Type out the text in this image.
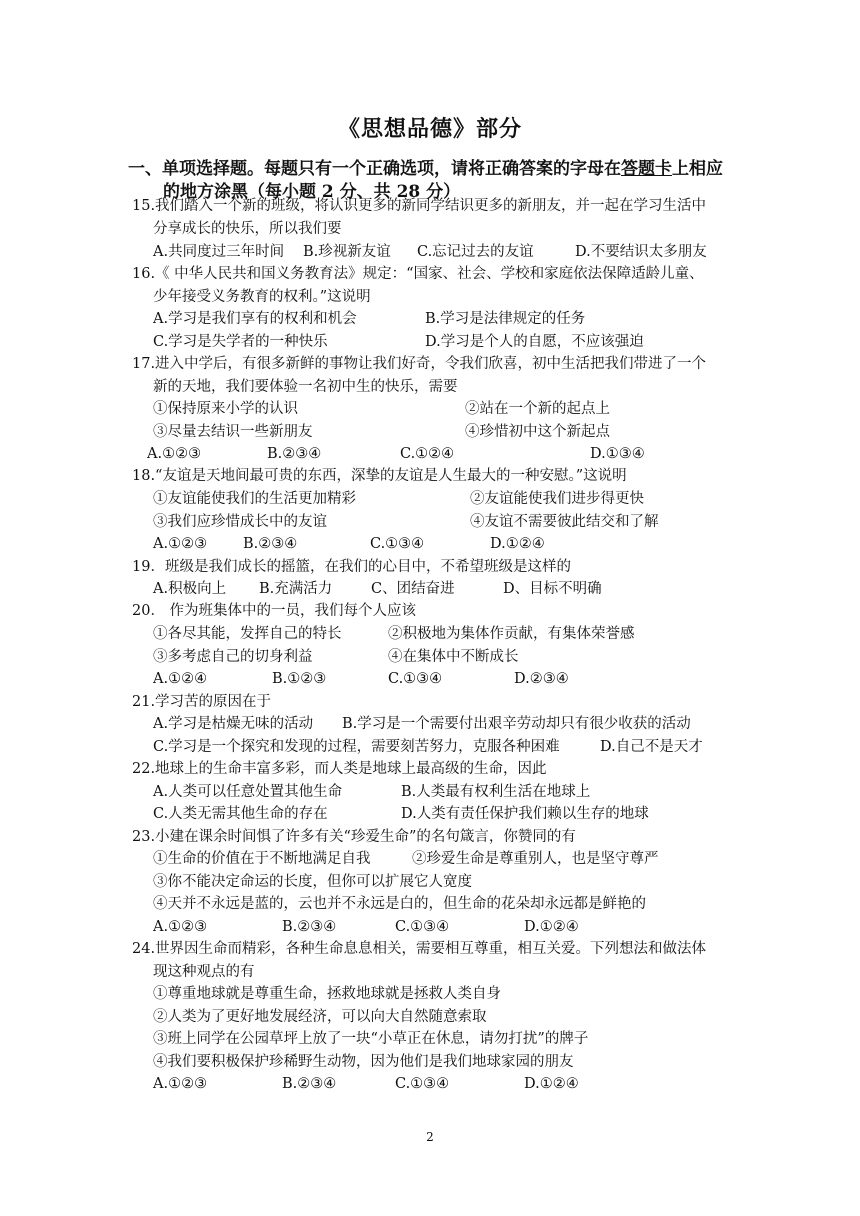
《思想品德》部分
一、单项选择题。每题只有一个正确选项，请将正确答案的字母在答题卡上相应
的地方涂黑（每小题 2 分、共 28 分）
15.我们踏入一个新的班级，将认识更多的新同学结识更多的新朋友，并一起在学习生活中
分享成长的快乐，所以我们要
A.共同度过三年时间 B.珍视新友谊 C.忘记过去的友谊	D.不要结识太多朋友
16.《 中华人民共和国义务教育法》规定：“国家、社会、学校和家庭依法保障适龄儿童、
少年接受义务教育的权利。”这说明
A.学习是我们享有的权利和机会	B.学习是法律规定的任务
C.学习是失学者的一种快乐	D.学习是个人的自愿，不应该强迫
17.进入中学后，有很多新鲜的事物让我们好奇，令我们欣喜，初中生活把我们带进了一个
新的天地，我们要体验一名初中生的快乐，需要
①保持原来小学的认识	②站在一个新的起点上
③尽量去结识一些新朋友	④珍惜初中这个新起点
A.①②③	B.②③④	C.①②④	D.①③④
18.“友谊是天地间最可贵的东西，深挚的友谊是人生最大的一种安慰。”这说明
①友谊能使我们的生活更加精彩	②友谊能使我们进步得更快
③我们应珍惜成长中的友谊	④友谊不需要彼此结交和了解
A.①②③ B.②③④	C.①③④	D.①②④
19．班级是我们成长的摇篮，在我们的心目中，不希望班级是这样的
A.积极向上 B.充满活力	C、团结奋进	D、目标不明确
20． 作为班集体中的一员，我们每个人应该
①各尽其能，发挥自己的特长	②积极地为集体作贡献，有集体荣誉感
③多考虑自己的切身利益	④在集体中不断成长
A.①②④	B.①②③	C.①③④	D.②③④
21.学习苦的原因在于
A.学习是枯燥无味的活动 B.学习是一个需要付出艰辛劳动却只有很少收获的活动
C.学习是一个探究和发现的过程，需要刻苦努力，克服各种困难	D.自己不是天才
22.地球上的生命丰富多彩，而人类是地球上最高级的生命，因此
A.人类可以任意处置其他生命	B.人类最有权利生活在地球上
C.人类无需其他生命的存在	D.人类有责任保护我们赖以生存的地球
23.小建在课余时间惧了许多有关“珍爱生命”的名句箴言，你赞同的有
①生命的价值在于不断地满足自我	②珍爱生命是尊重别人，也是坚守尊严
③你不能决定命运的长度，但你可以扩展它人宽度
④天并不永远是蓝的，云也并不永远是白的，但生命的花朵却永远都是鲜艳的
A.①②③	B.②③④	C.①③④	D.①②④
24.世界因生命而精彩，各种生命息息相关，需要相互尊重，相互关爱。下列想法和做法体
现这种观点的有
①尊重地球就是尊重生命，拯救地球就是拯救人类自身
②人类为了更好地发展经济，可以向大自然随意索取
③班上同学在公园草坪上放了一块“小草正在休息，请勿打扰”的牌子
④我们要积极保护珍稀野生动物，因为他们是我们地球家园的朋友
A.①②③	B.②③④	C.①③④	D.①②④
2
